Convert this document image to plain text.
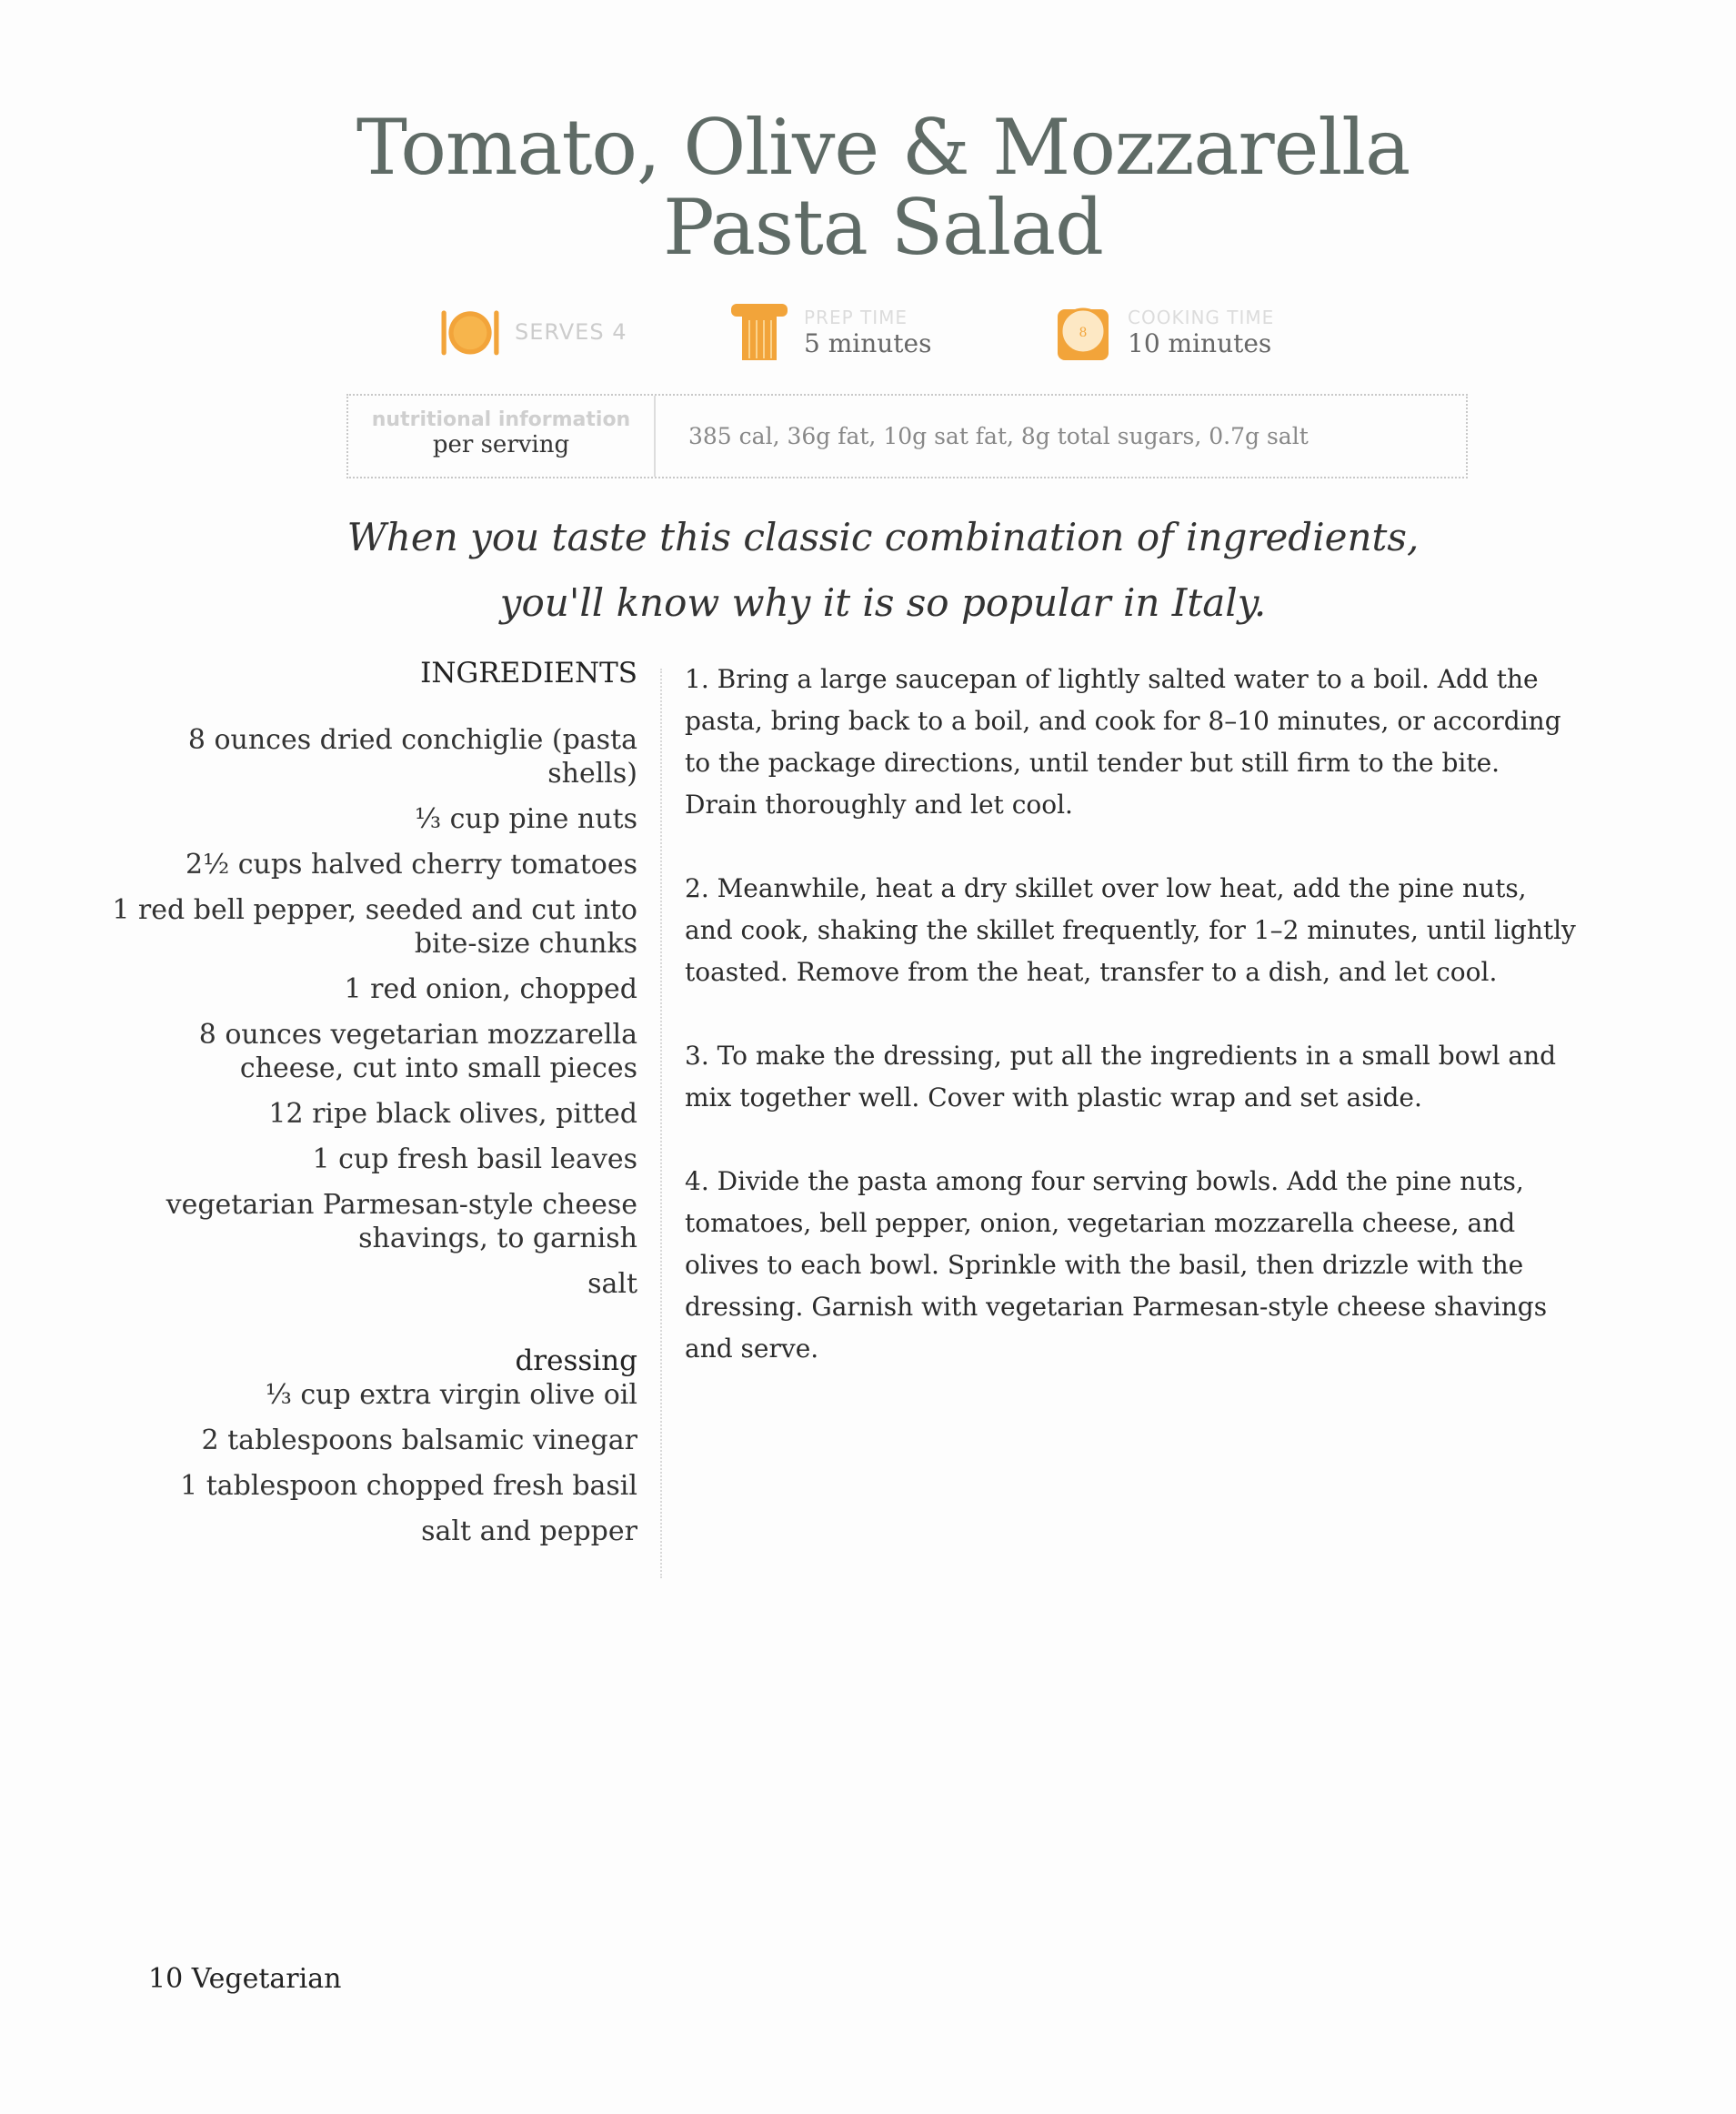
Tomato, Olive & Mozzarella
Pasta Salad
SERVES 4
PREP TIME
5 minutes	8
COOKING TIME
10 minutes
nutritional information
per serving	385 cal, 36g fat, 10g sat fat, 8g total sugars, 0.7g salt
When you taste this classic combination of ingredients,
you'll know why it is so popular in Italy.
INGREDIENTS
8 ounces dried conchiglie (pasta shells)
⅓ cup pine nuts
2½ cups halved cherry tomatoes
1 red bell pepper, seeded and cut into bite-size chunks
1 red onion, chopped
8 ounces vegetarian mozzarella cheese, cut into small pieces
12 ripe black olives, pitted
1 cup fresh basil leaves
vegetarian Parmesan-style cheese shavings, to garnish
salt
dressing
⅓ cup extra virgin olive oil
2 tablespoons balsamic vinegar
1 tablespoon chopped fresh basil
salt and pepper
1. Bring a large saucepan of lightly salted water to a boil. Add the pasta, bring back to a boil, and cook for 8–10 minutes, or according to the package directions, until tender but still firm to the bite. Drain thoroughly and let cool.
2. Meanwhile, heat a dry skillet over low heat, add the pine nuts, and cook, shaking the skillet frequently, for 1–2 minutes, until lightly toasted. Remove from the heat, transfer to a dish, and let cool.
3. To make the dressing, put all the ingredients in a small bowl and mix together well. Cover with plastic wrap and set aside.
4. Divide the pasta among four serving bowls. Add the pine nuts, tomatoes, bell pepper, onion, vegetarian mozzarella cheese, and olives to each bowl. Sprinkle with the basil, then drizzle with the dressing. Garnish with vegetarian Parmesan-style cheese shavings and serve.
10 Vegetarian
